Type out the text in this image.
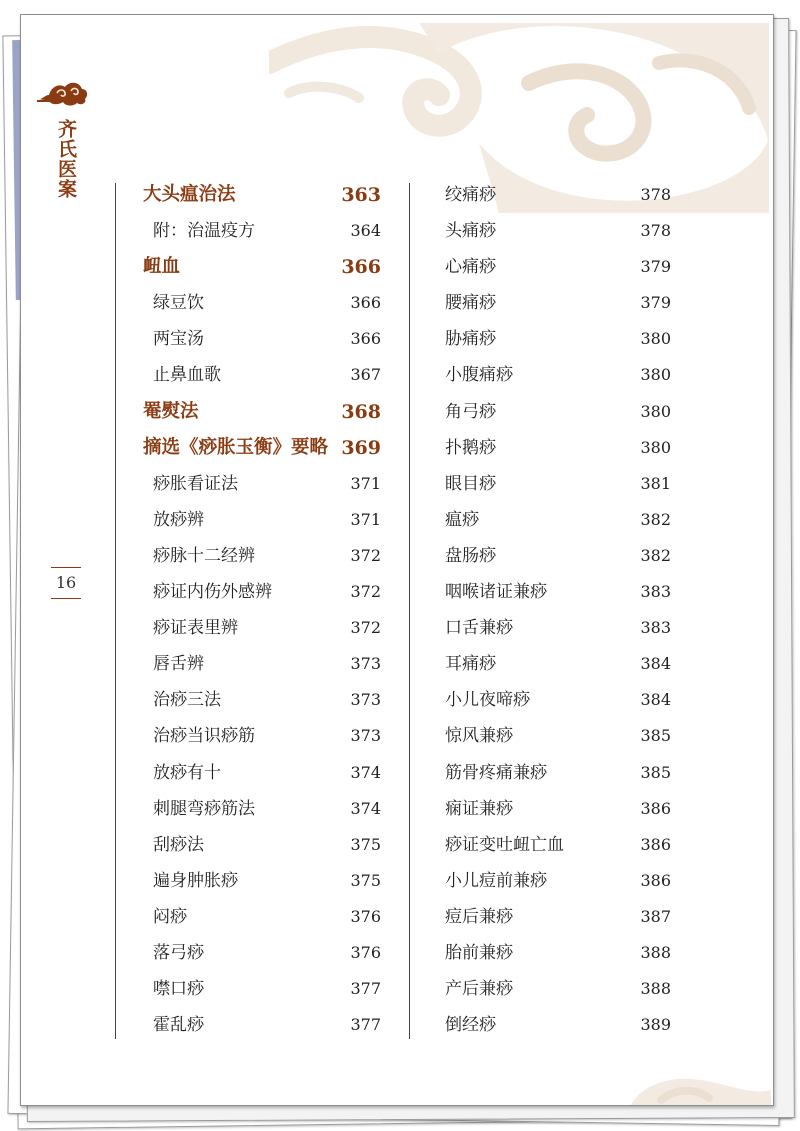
齐氏医案
16
大头瘟治法	363
附：治温疫方	364
衄血	366
绿豆饮	366
两宝汤	366
止鼻血歌	367
罨熨法	368
摘选《痧胀玉衡》要略 369
痧胀看证法	371
放痧辨	371
痧脉十二经辨	372
痧证内伤外感辨	372
痧证表里辨	372
唇舌辨	373
治痧三法	373
治痧当识痧筋	373
放痧有十	374
刺腿弯痧筋法	374
刮痧法	375
遍身肿胀痧	375
闷痧	376
落弓痧	376
噤口痧	377
霍乱痧	377
绞痛痧	378
头痛痧	378
心痛痧	379
腰痛痧	379
胁痛痧	380
小腹痛痧	380
角弓痧	380
扑鹅痧	380
眼目痧	381
瘟痧	382
盘肠痧	382
咽喉诸证兼痧	383
口舌兼痧	383
耳痛痧	384
小儿夜啼痧	384
惊风兼痧	385
筋骨疼痛兼痧	385
痫证兼痧	386
痧证变吐衄亡血	386
小儿痘前兼痧	386
痘后兼痧	387
胎前兼痧	388
产后兼痧	388
倒经痧	389
